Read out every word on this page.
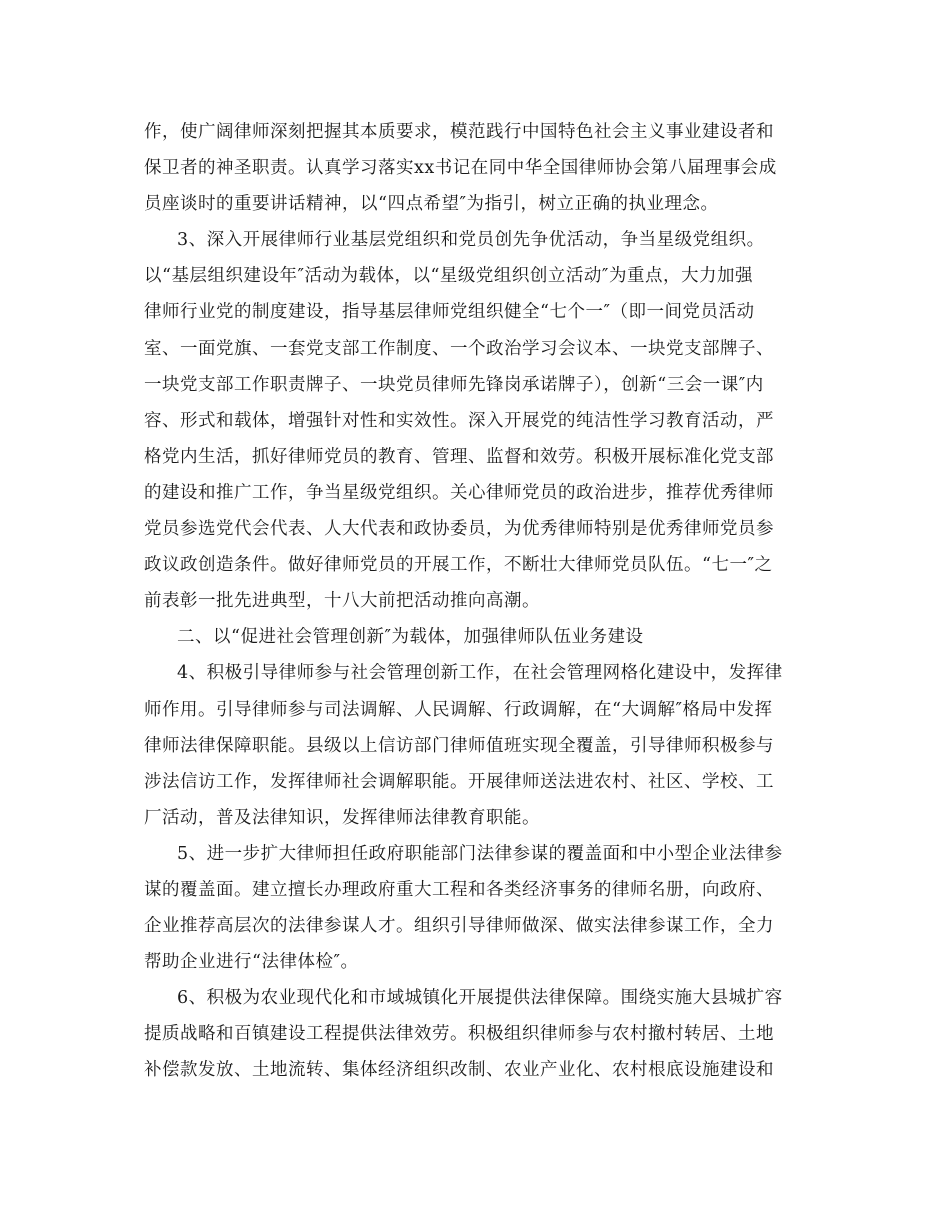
作，使广阔律师深刻把握其本质要求，模范践行中国特色社会主义事业建设者和
保卫者的神圣职责。认真学习落实xx书记在同中华全国律师协会第八届理事会成
员座谈时的重要讲话精神，以“四点希望″为指引，树立正确的执业理念。
3、深入开展律师行业基层党组织和党员创先争优活动，争当星级党组织。
以“基层组织建设年″活动为载体，以“星级党组织创立活动″为重点，大力加强
律师行业党的制度建设，指导基层律师党组织健全“七个一″（即一间党员活动
室、一面党旗、一套党支部工作制度、一个政治学习会议本、一块党支部牌子、
一块党支部工作职责牌子、一块党员律师先锋岗承诺牌子），创新“三会一课″内
容、形式和载体，增强针对性和实效性。深入开展党的纯洁性学习教育活动，严
格党内生活，抓好律师党员的教育、管理、监督和效劳。积极开展标准化党支部
的建设和推广工作，争当星级党组织。关心律师党员的政治进步，推荐优秀律师
党员参选党代会代表、人大代表和政协委员，为优秀律师特别是优秀律师党员参
政议政创造条件。做好律师党员的开展工作，不断壮大律师党员队伍。“七一″之
前表彰一批先进典型，十八大前把活动推向高潮。
二、以“促进社会管理创新″为载体，加强律师队伍业务建设
4、积极引导律师参与社会管理创新工作，在社会管理网格化建设中，发挥律
师作用。引导律师参与司法调解、人民调解、行政调解，在“大调解″格局中发挥
律师法律保障职能。县级以上信访部门律师值班实现全覆盖，引导律师积极参与
涉法信访工作，发挥律师社会调解职能。开展律师送法进农村、社区、学校、工
厂活动，普及法律知识，发挥律师法律教育职能。
5、进一步扩大律师担任政府职能部门法律参谋的覆盖面和中小型企业法律参
谋的覆盖面。建立擅长办理政府重大工程和各类经济事务的律师名册，向政府、
企业推荐高层次的法律参谋人才。组织引导律师做深、做实法律参谋工作，全力
帮助企业进行“法律体检″。
6、积极为农业现代化和市域城镇化开展提供法律保障。围绕实施大县城扩容
提质战略和百镇建设工程提供法律效劳。积极组织律师参与农村撤村转居、土地
补偿款发放、土地流转、集体经济组织改制、农业产业化、农村根底设施建设和
